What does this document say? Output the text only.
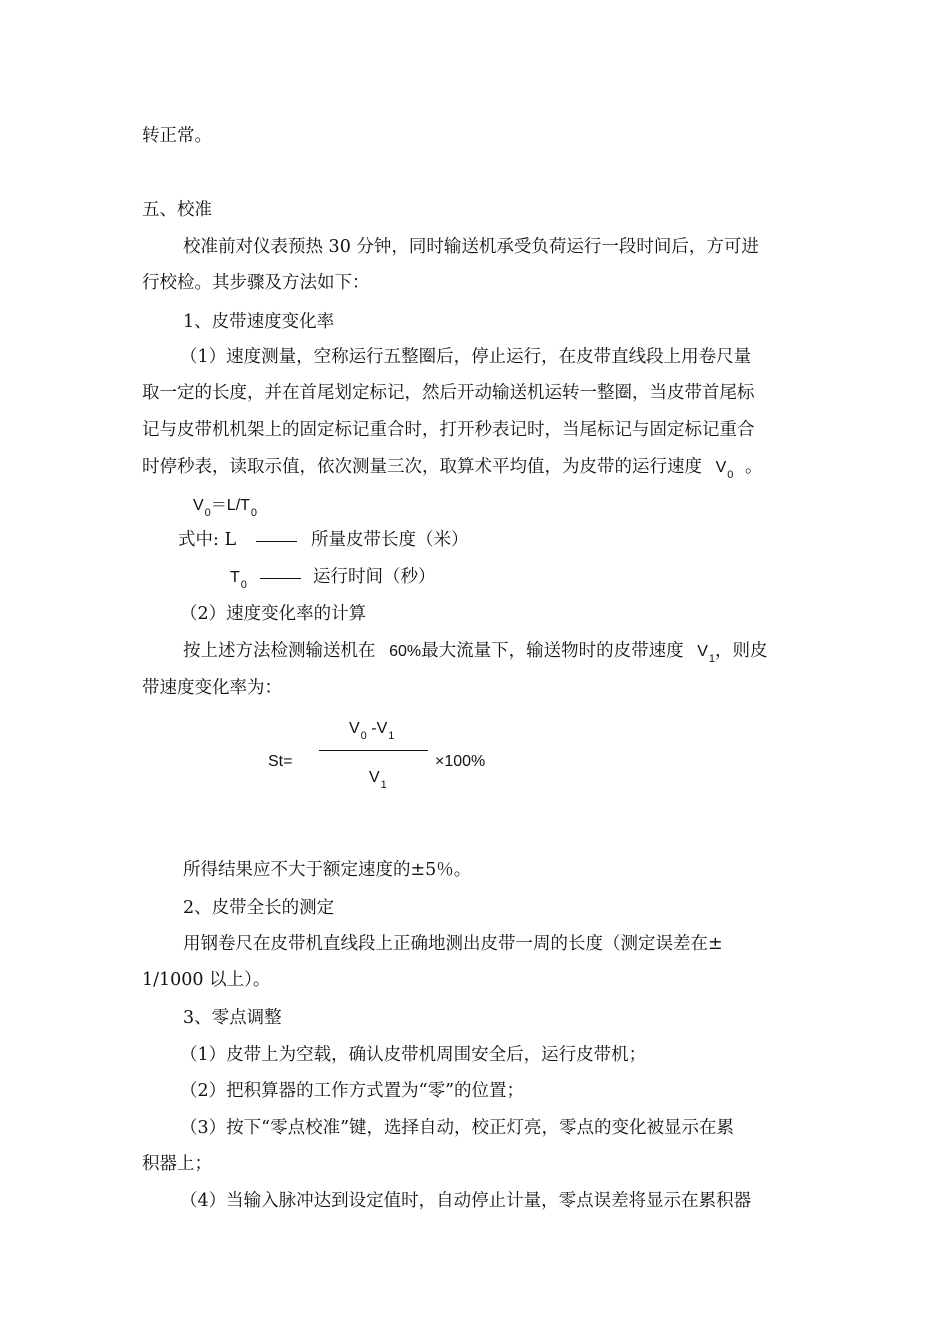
转正常。
五、校准
校准前对仪表预热 30 分钟，同时输送机承受负荷运行一段时间后，方可进
行校检。其步骤及方法如下：
1、皮带速度变化率
（1）速度测量，空称运行五整圈后，停止运行，在皮带直线段上用卷尺量
取一定的长度，并在首尾划定标记，然后开动输送机运转一整圈，当皮带首尾标
记与皮带机机架上的固定标记重合时，打开秒表记时，当尾标记与固定标记重合
时停秒表，读取示值，依次测量三次，取算术平均值，为皮带的运行速度 $V_0$ 。
$V_0=L/T_0$
式中: L	所量皮带长度（米）
$T_0$	运行时间（秒）
（2）速度变化率的计算
按上述方法检测输送机在 60%最大流量下，输送物时的皮带速度 $V_1$，则皮
带速度变化率为：
St=
$V_0$ $-V_1$
$V_1$
×100%
所得结果应不大于额定速度的±5％。
2、皮带全长的测定
用钢卷尺在皮带机直线段上正确地测出皮带一周的长度（测定误差在±
1/1000 以上）。
3、零点调整
（1）皮带上为空载，确认皮带机周围安全后，运行皮带机；
（2）把积算器的工作方式置为“零”的位置；
（3）按下“零点校准”键，选择自动，校正灯亮，零点的变化被显示在累
积器上；
（4）当输入脉冲达到设定值时，自动停止计量，零点误差将显示在累积器
